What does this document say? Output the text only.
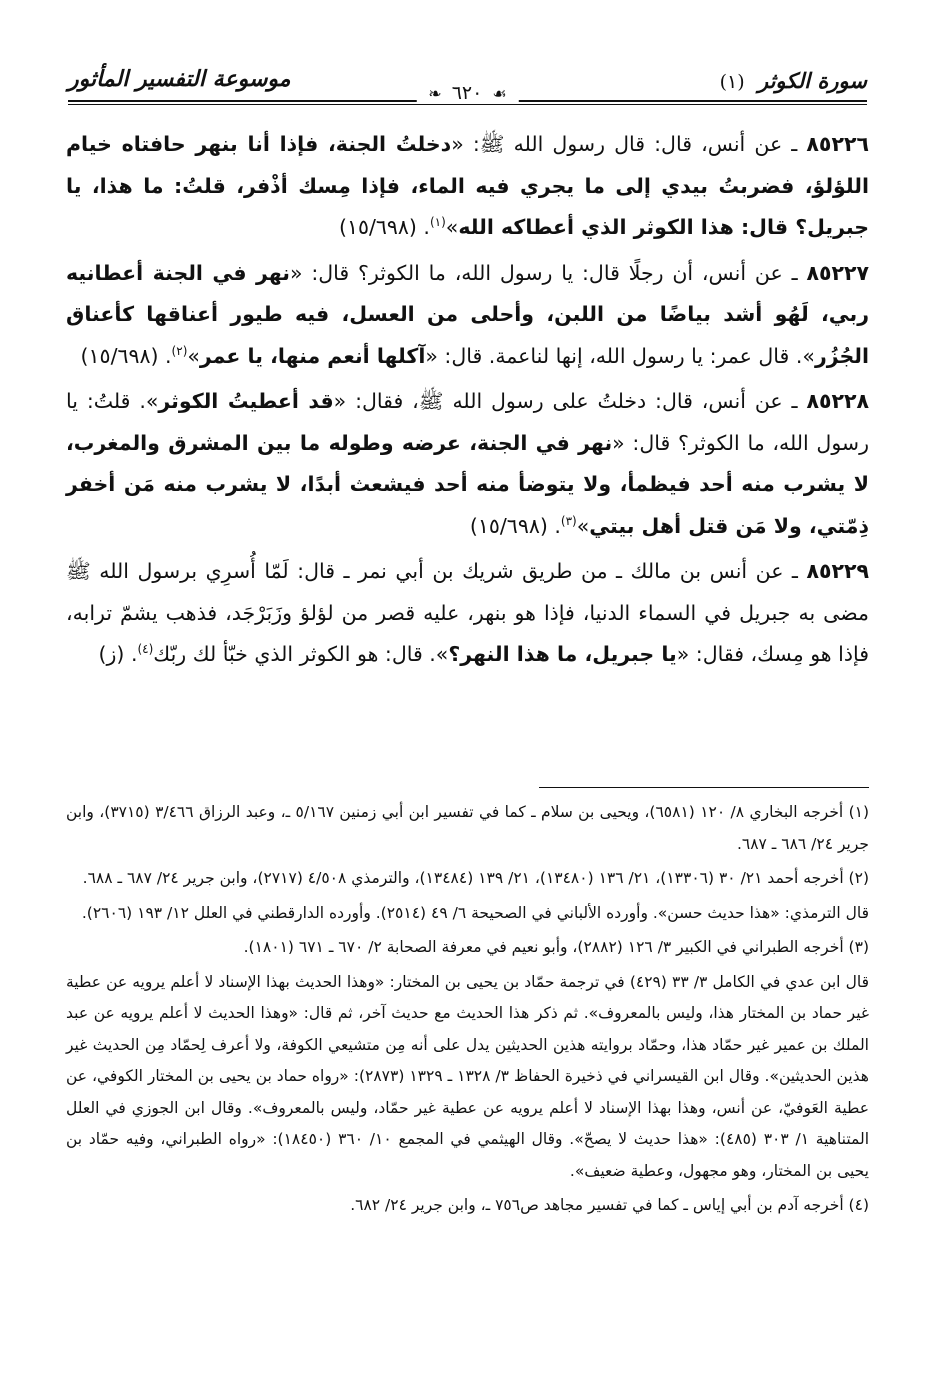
سورة الكوثر (١)
❧ ٦٢٠ ☙
موسوعة التفسير المأثور

٨٥٢٢٦ ـ عن أنس، قال: قال رسول الله ﷺ: «دخلتُ الجنة، فإذا أنا بنهر حافتاه خيام اللؤلؤ، فضربتُ بيدي إلى ما يجري فيه الماء، فإذا مِسك أذْفر، قلتُ: ما هذا، يا جبريل؟ قال: هذا الكوثر الذي أعطاكه الله»$^{(١)}$. (١٥/٦٩٨)

٨٥٢٢٧ ـ عن أنس، أن رجلًا قال: يا رسول الله، ما الكوثر؟ قال: «نهر في الجنة أعطانيه ربي، لَهُو أشد بياضًا من اللبن، وأحلى من العسل، فيه طيور أعناقها كأعناق الجُزُر». قال عمر: يا رسول الله، إنها لناعمة. قال: «آكلها أنعم منها، يا عمر»$^{(٢)}$. (١٥/٦٩٨)

٨٥٢٢٨ ـ عن أنس، قال: دخلتُ على رسول الله ﷺ، فقال: «قد أعطيتُ الكوثر». قلتُ: يا رسول الله، ما الكوثر؟ قال: «نهر في الجنة، عرضه وطوله ما بين المشرق والمغرب، لا يشرب منه أحد فيظمأ، ولا يتوضأ منه أحد فيشعث أبدًا، لا يشرب منه مَن أخفر ذِمّتي، ولا مَن قتل أهل بيتي»$^{(٣)}$. (١٥/٦٩٨)

٨٥٢٢٩ ـ عن أنس بن مالك ـ من طريق شريك بن أبي نمر ـ قال: لَمّا أُسرِي برسول الله ﷺ مضى به جبريل في السماء الدنيا، فإذا هو بنهر، عليه قصر من لؤلؤ وزَبَرْجَد، فذهب يشمّ ترابه، فإذا هو مِسك، فقال: «يا جبريل، ما هذا النهر؟». قال: هو الكوثر الذي خبّأ لك ربّك$^{(٤)}$. (ز)

(١) أخرجه البخاري ٨/ ١٢٠ (٦٥٨١)، ويحيى بن سلام ـ كما في تفسير ابن أبي زمنين ٥/١٦٧ ـ، وعبد الرزاق ٣/٤٦٦ (٣٧١٥)، وابن جرير ٢٤/ ٦٨٦ ـ ٦٨٧.

(٢) أخرجه أحمد ٢١/ ٣٠ (١٣٣٠٦)، ٢١/ ١٣٦ (١٣٤٨٠)، ٢١/ ١٣٩ (١٣٤٨٤)، والترمذي ٤/٥٠٨ (٢٧١٧)، وابن جرير ٢٤/ ٦٨٧ ـ ٦٨٨.

قال الترمذي: «هذا حديث حسن». وأورده الألباني في الصحيحة ٦/ ٤٩ (٢٥١٤). وأورده الدارقطني في العلل ١٢/ ١٩٣ (٢٦٠٦).

(٣) أخرجه الطبراني في الكبير ٣/ ١٢٦ (٢٨٨٢)، وأبو نعيم في معرفة الصحابة ٢/ ٦٧٠ ـ ٦٧١ (١٨٠١).

قال ابن عدي في الكامل ٣/ ٣٣ (٤٢٩) في ترجمة حمّاد بن يحيى بن المختار: «وهذا الحديث بهذا الإسناد لا أعلم يرويه عن عطية غير حماد بن المختار هذا، وليس بالمعروف». ثم ذكر هذا الحديث مع حديث آخر، ثم قال: «وهذا الحديث لا أعلم يرويه عن عبد الملك بن عمير غير حمّاد هذا، وحمّاد بروايته هذين الحديثين يدل على أنه مِن متشيعي الكوفة، ولا أعرف لِحمّاد مِن الحديث غير هذين الحديثين». وقال ابن القيسراني في ذخيرة الحفاظ ٣/ ١٣٢٨ ـ ١٣٢٩ (٢٨٧٣): «رواه حماد بن يحيى بن المختار الكوفي، عن عطية العَوفيّ، عن أنس، وهذا بهذا الإسناد لا أعلم يرويه عن عطية غير حمّاد، وليس بالمعروف». وقال ابن الجوزي في العلل المتناهية ١/ ٣٠٣ (٤٨٥): «هذا حديث لا يصحّ». وقال الهيثمي في المجمع ١٠/ ٣٦٠ (١٨٤٥٠): «رواه الطبراني، وفيه حمّاد بن يحيى بن المختار، وهو مجهول، وعطية ضعيف».

(٤) أخرجه آدم بن أبي إياس ـ كما في تفسير مجاهد ص٧٥٦ ـ، وابن جرير ٢٤/ ٦٨٢.
